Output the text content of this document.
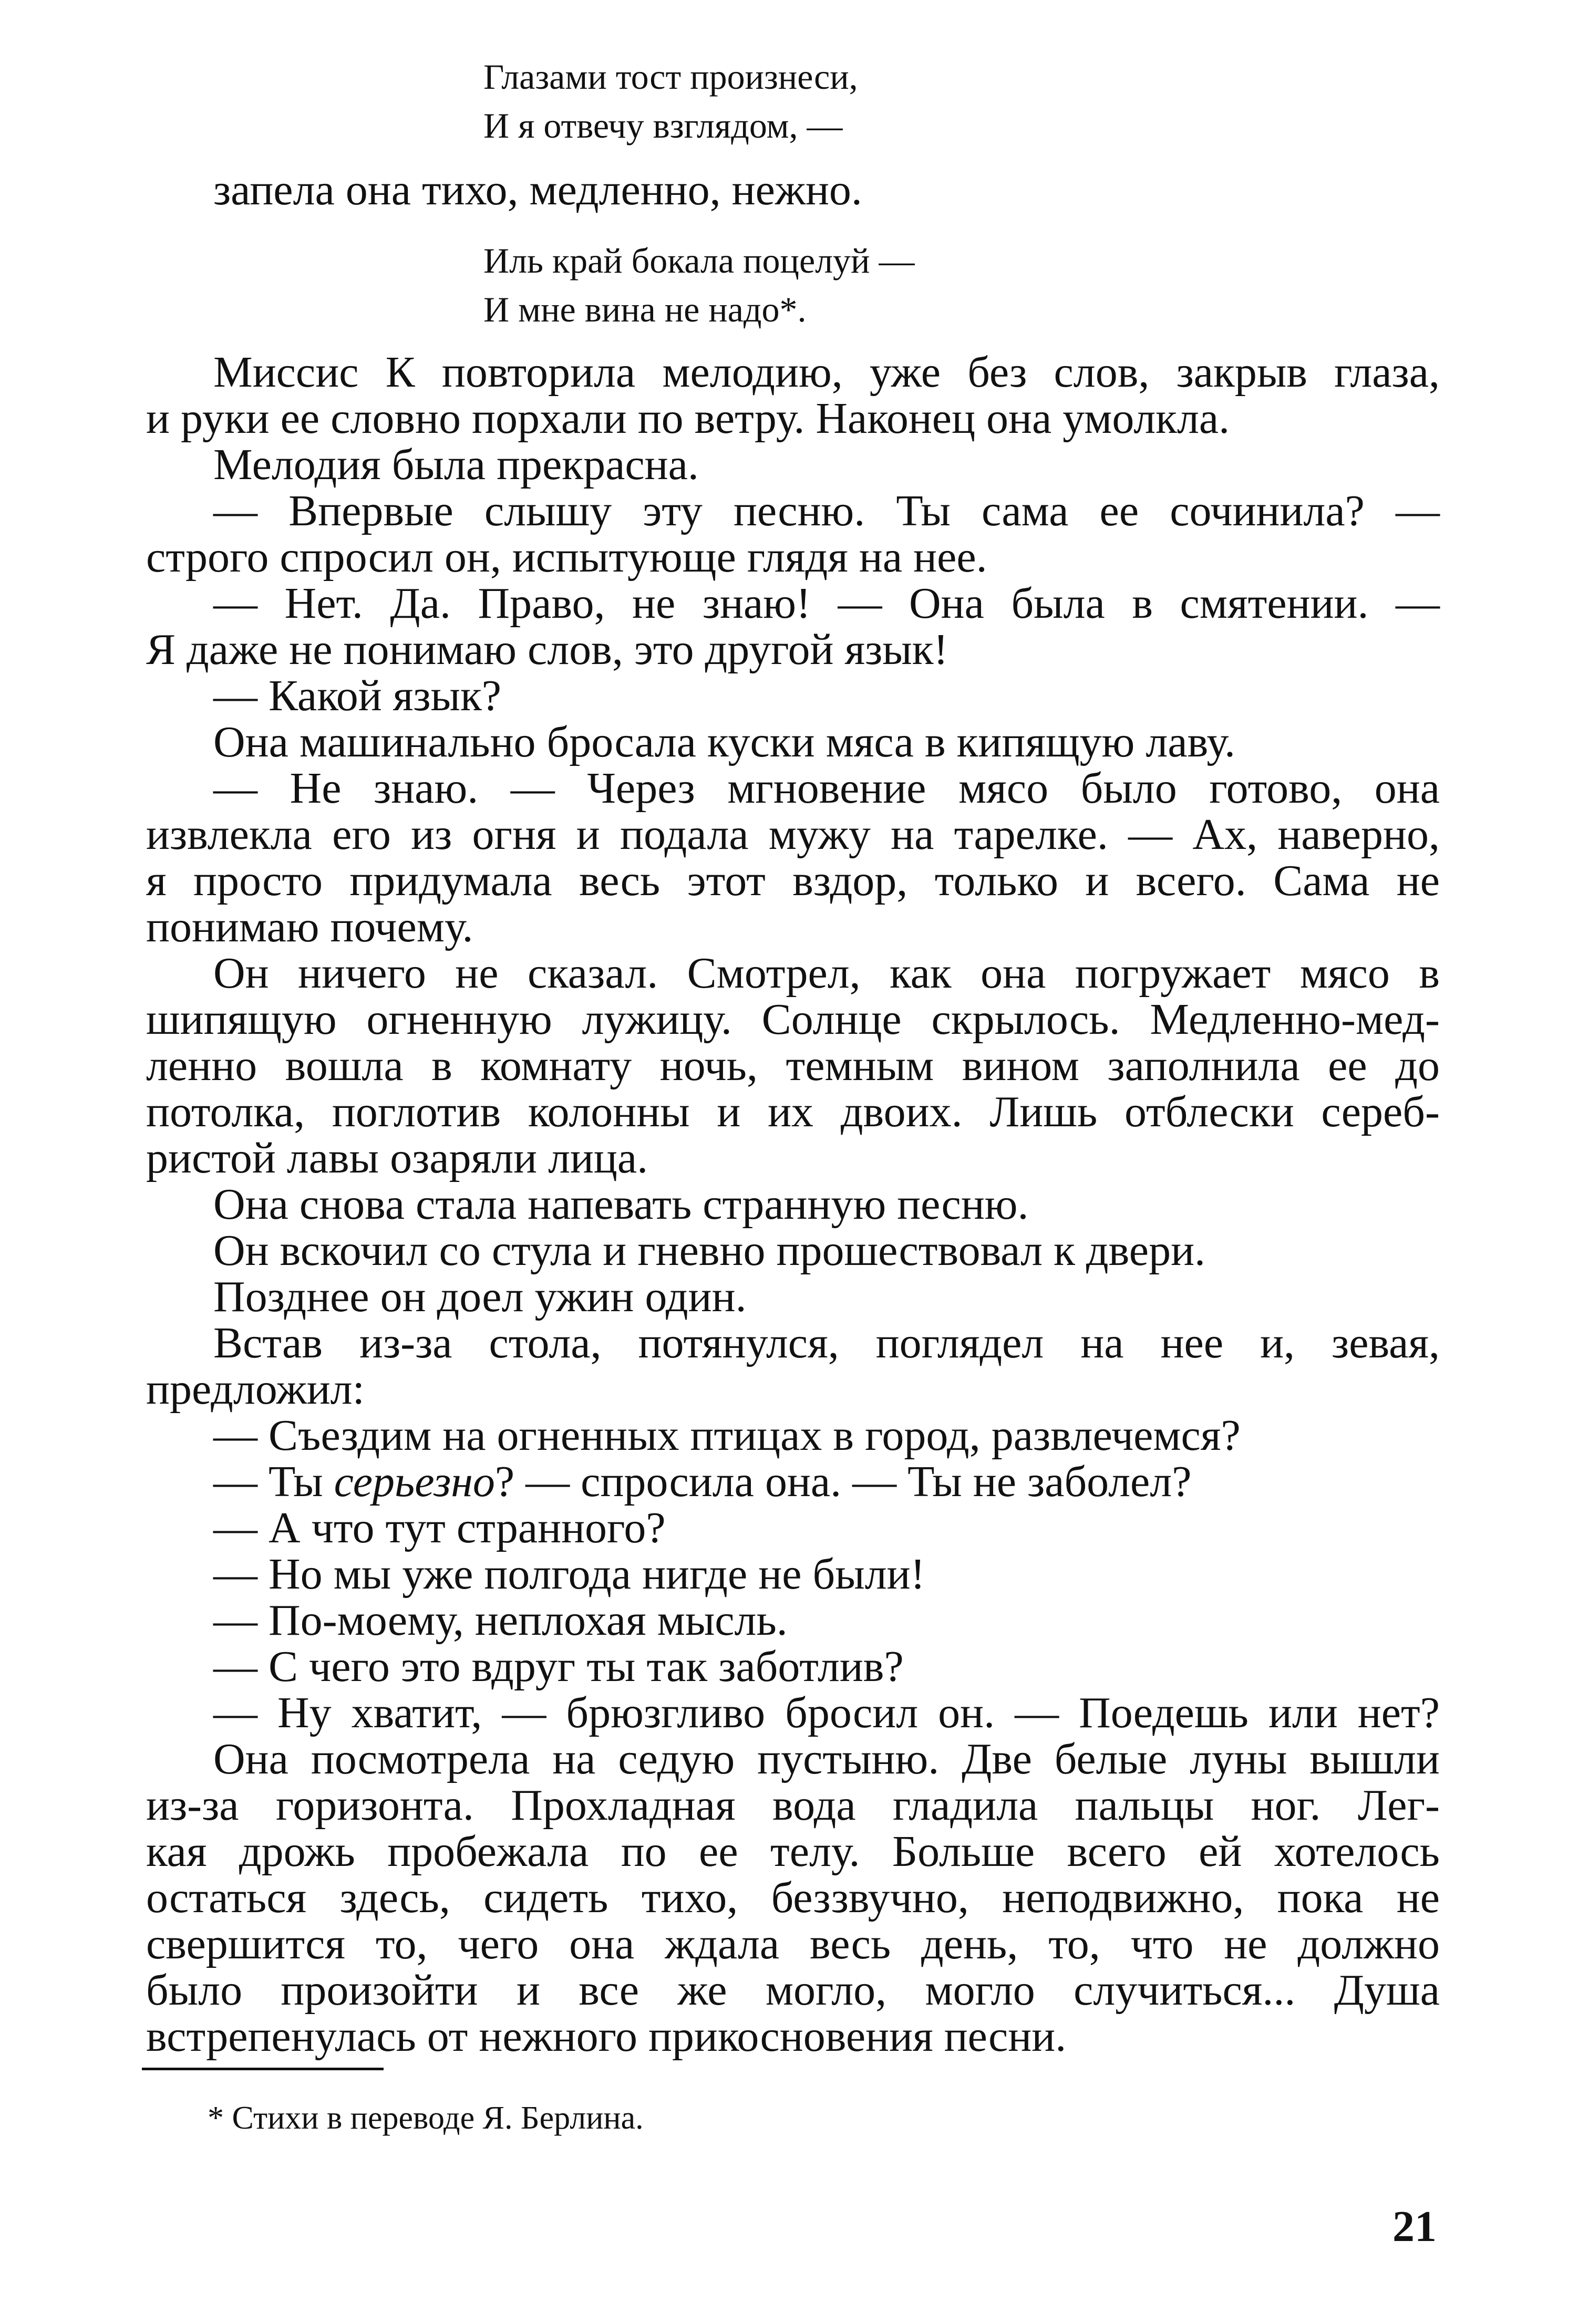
Глазами тост произнеси,
И я отвечу взглядом, —
запела она тихо, медленно, нежно.
Иль край бокала поцелуй —
И мне вина не надо*.

Миссис К повторила мелодию, уже без слов, закрыв глаза,
и руки ее словно порхали по ветру. Наконец она умолкла.

Мелодия была прекрасна.

— Впервые слышу эту песню. Ты сама ее сочинила? —
строго спросил он, испытующе глядя на нее.

— Нет. Да. Право, не знаю! — Она была в смятении. —
Я даже не понимаю слов, это другой язык!

— Какой язык?

Она машинально бросала куски мяса в кипящую лаву.

— Не знаю. — Через мгновение мясо было готово, она
извлекла его из огня и подала мужу на тарелке. — Ах, наверно,
я просто придумала весь этот вздор, только и всего. Сама не
понимаю почему.

Он ничего не сказал. Смотрел, как она погружает мясо в
шипящую огненную лужицу. Солнце скрылось. Медленно-мед-
ленно вошла в комнату ночь, темным вином заполнила ее до
потолка, поглотив колонны и их двоих. Лишь отблески сереб-
ристой лавы озаряли лица.

Она снова стала напевать странную песню.

Он вскочил со стула и гневно прошествовал к двери.

Позднее он доел ужин один.

Встав из-за стола, потянулся, поглядел на нее и, зевая,
предложил:

— Съездим на огненных птицах в город, развлечемся?

— Ты серьезно? — спросила она. — Ты не заболел?

— А что тут странного?

— Но мы уже полгода нигде не были!

— По-моему, неплохая мысль.

— С чего это вдруг ты так заботлив?

— Ну хватит, — брюзгливо бросил он. — Поедешь или нет?

Она посмотрела на седую пустыню. Две белые луны вышли
из-за горизонта. Прохладная вода гладила пальцы ног. Лег-
кая дрожь пробежала по ее телу. Больше всего ей хотелось
остаться здесь, сидеть тихо, беззвучно, неподвижно, пока не
свершится то, чего она ждала весь день, то, что не должно
было произойти и все же могло, могло случиться... Душа
встрепенулась от нежного прикосновения песни.

* Стихи в переводе Я. Берлина.
21
